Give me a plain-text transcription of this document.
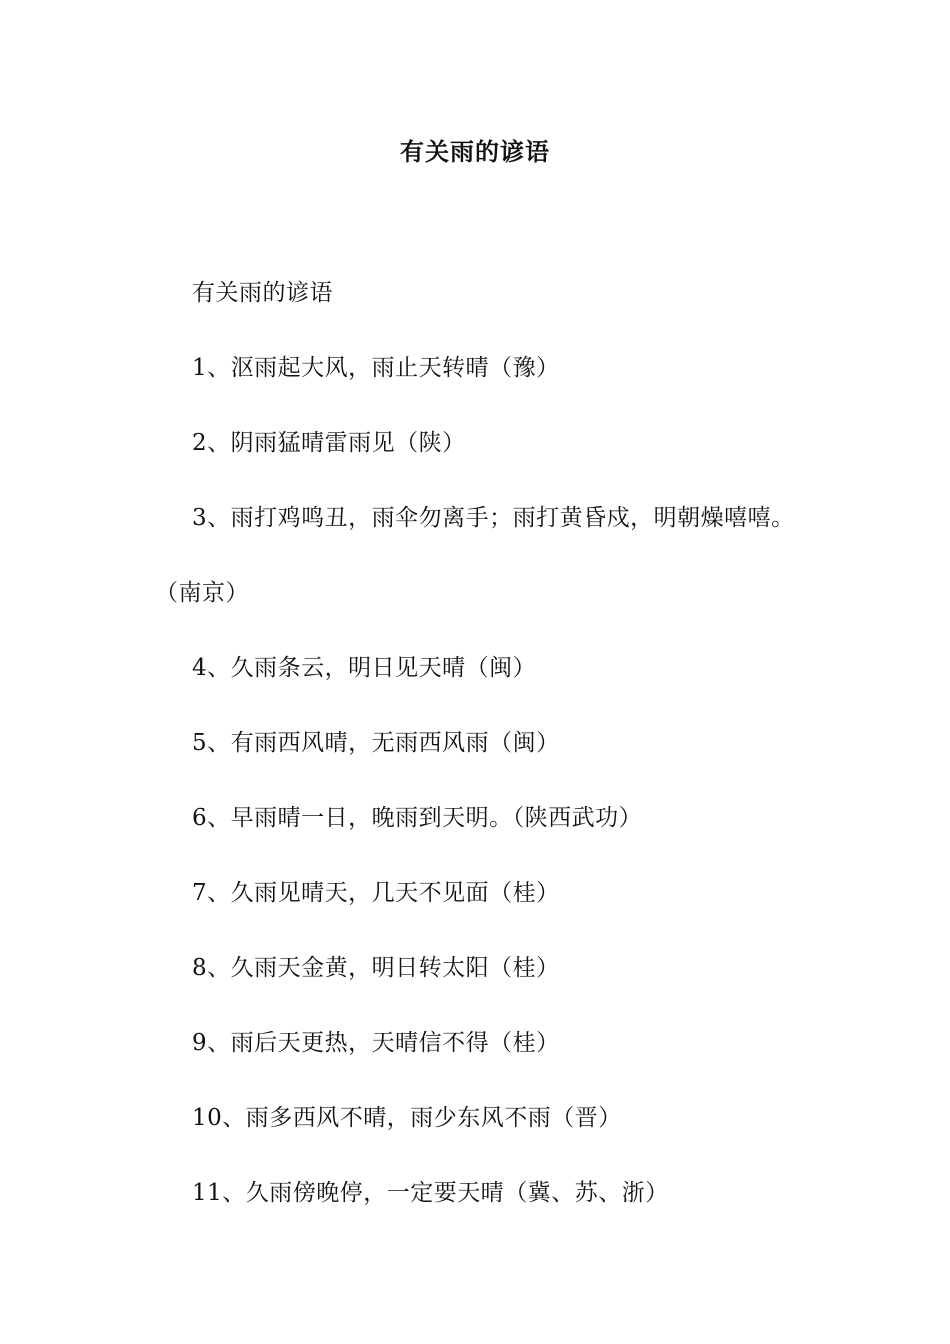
有关雨的谚语

有关雨的谚语

1、沤雨起大风，雨止天转晴（豫）

2、阴雨猛晴雷雨见（陕）

3、雨打鸡鸣丑，雨伞勿离手；雨打黄昏戍，明朝燥嘻嘻。（南京）

4、久雨条云，明日见天晴（闽）

5、有雨西风晴，无雨西风雨（闽）

6、早雨晴一日，晚雨到天明。（陕西武功）

7、久雨见晴天，几天不见面（桂）

8、久雨天金黄，明日转太阳（桂）

9、雨后天更热，天晴信不得（桂）

10、雨多西风不晴，雨少东风不雨（晋）

11、久雨傍晚停，一定要天晴（冀、苏、浙）
